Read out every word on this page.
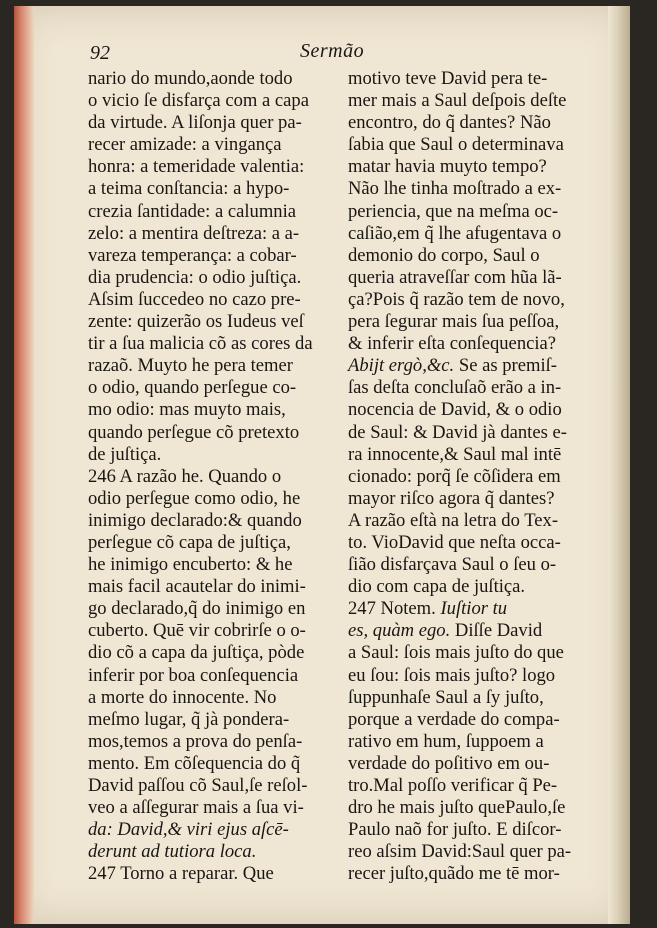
92	Sermão
nario do mundo,aonde todo
o vicio ſe disfarça com a capa
da virtude. A liſonja quer pa-
recer amizade: a vingança
honra: a temeridade valentia:
a teima conſtancia: a hypo-
crezia ſantidade: a calumnia
zelo: a mentira deſtreza: a a-
vareza temperança: a cobar-
dia prudencia: o odio juſtiça.
Aſsim ſuccedeo no cazo pre-
zente: quizerão os Iudeus veſ
tir a ſua malicia cõ as cores da
razaõ. Muyto he pera temer
o odio, quando perſegue co-
mo odio: mas muyto mais,
quando perſegue cõ pretexto
de juſtiça.
246 A razão he. Quando o
odio perſegue como odio, he
inimigo declarado:& quando
perſegue cõ capa de juſtiça,
he inimigo encuberto: & he
mais facil acautelar do inimi-
go declarado,q̃ do inimigo en
cuberto. Quē vir cobrirſe o o-
dio cõ a capa da juſtiça, pòde
inferir por boa conſequencia
a morte do innocente. No
meſmo lugar, q̃ jà pondera-
mos,temos a prova do penſa-
mento. Em cõſequencia do q̃
David paſſou cõ Saul,ſe reſol-
veo a aſſegurar mais a ſua vi-
da: David,& viri ejus aſcē-
derunt ad tutiora loca.
247 Torno a reparar. Que
motivo teve David pera te-
mer mais a Saul deſpois deſte
encontro, do q̃ dantes? Não
ſabia que Saul o determinava
matar havia muyto tempo?
Não lhe tinha moſtrado a ex-
periencia, que na meſma oc-
caſião,em q̃ lhe afugentava o
demonio do corpo, Saul o
queria atraveſſar com hũa lã-
ça?Pois q̃ razão tem de novo,
pera ſegurar mais ſua peſſoa,
& inferir eſta conſequencia?
Abijt ergò,&c. Se as premiſ-
ſas deſta concluſaõ erão a in-
nocencia de David, & o odio
de Saul: & David jà dantes e-
ra innocente,& Saul mal intē
cionado: porq̃ ſe cõſidera em
mayor riſco agora q̃ dantes?
A razão eſtà na letra do Tex-
to. VioDavid que neſta occa-
ſião disfarçava Saul o ſeu o-
dio com capa de juſtiça.
247 Notem. Iuſtior tu
es, quàm ego. Diſſe David
a Saul: ſois mais juſto do que
eu ſou: ſois mais juſto? logo
ſuppunhaſe Saul a ſy juſto,
porque a verdade do compa-
rativo em hum, ſuppoem a
verdade do poſitivo em ou-
tro.Mal poſſo verificar q̃ Pe-
dro he mais juſto quePaulo,ſe
Paulo naõ for juſto. E diſcor-
reo aſsim David:Saul quer pa-
recer juſto,quãdo me tē mor-
